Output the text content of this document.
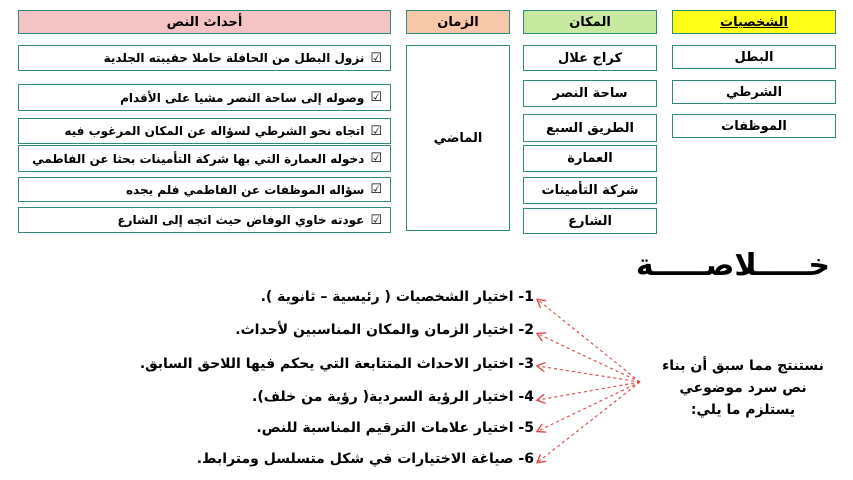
الشخصيات
المكان
الزمان
أحداث النص
البطل
الشرطي
الموظفات
كراج علال
ساحة النصر
الطريق السبع
العمارة
شركة التأمينات
الشارع
الماضي
☑
نزول البطل من الحافلة حاملا حقيبته الجلدية
☑
وصوله إلى ساحة النصر مشيا على الأقدام
☑
اتجاه نحو الشرطي لسؤاله عن المكان المرغوب فيه
☑
دخوله العمارة التي بها شركة التأمينات بحثا عن الفاطمي
☑
سؤاله الموظفات عن الفاطمي فلم يجده
☑
عودته خاوي الوفاض حيث اتجه إلى الشارع
خـــــلاصـــــة
1- اختيار الشخصيات ( رئيسية – ثانوية ).
2- اختيار الزمان والمكان المناسبين لأحداث.
3- اختيار الاحداث المتتابعة التي يحكم فيها اللاحق السابق.
4- اختيار الرؤية السردية( رؤية من خلف).
5- اختيار علامات الترقيم المناسبة للنص.
6- صياغة الاختيارات في شكل متسلسل ومترابط.
نستنتج مما سبق أن بناء
نص سرد موضوعي
يستلزم ما يلي:
